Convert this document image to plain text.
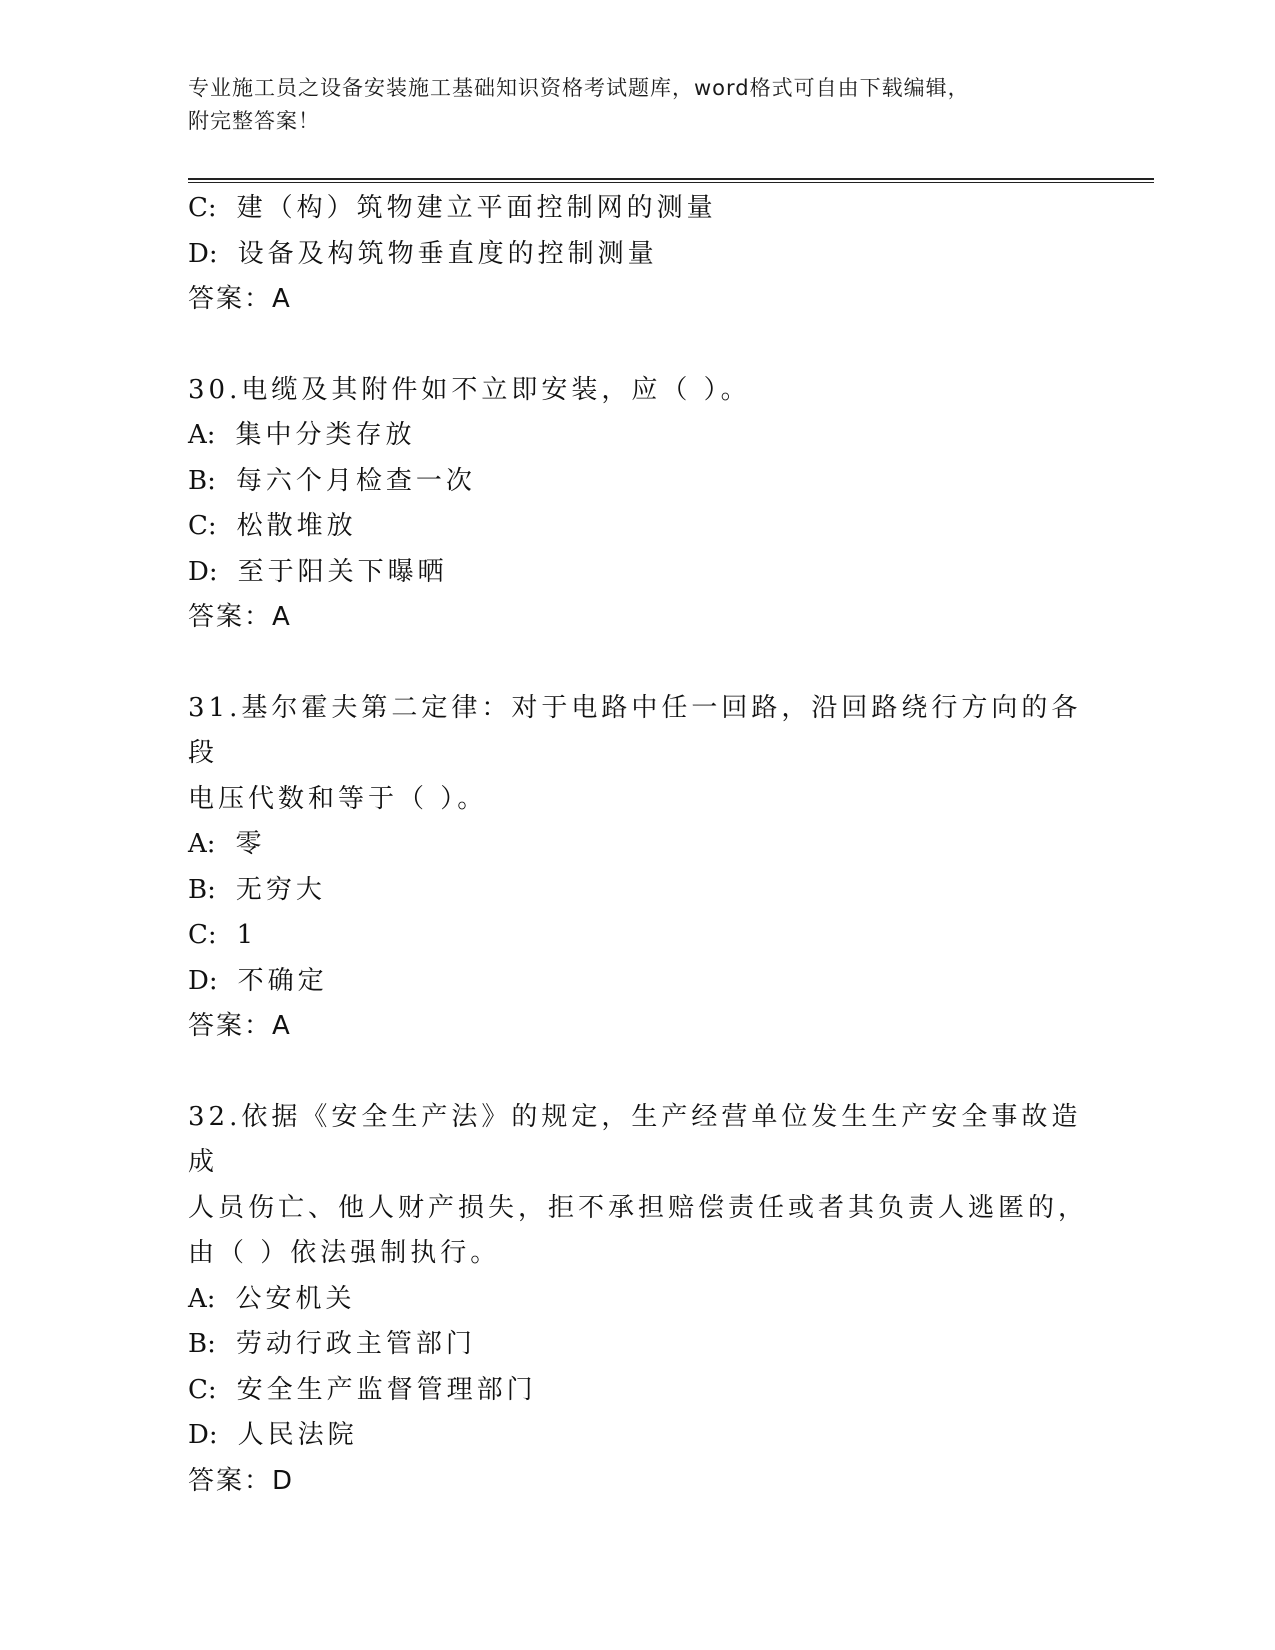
专业施工员之设备安装施工基础知识资格考试题库，word格式可自由下载编辑，
附完整答案！
C: 建（构）筑物建立平面控制网的测量
D: 设备及构筑物垂直度的控制测量
答案：A
30.电缆及其附件如不立即安装，应（ ）。
A: 集中分类存放
B: 每六个月检查一次
C: 松散堆放
D: 至于阳关下曝晒
答案：A
31.基尔霍夫第二定律：对于电路中任一回路，沿回路绕行方向的各段
电压代数和等于（ ）。
A: 零
B: 无穷大
C: 1
D: 不确定
答案：A
32.依据《安全生产法》的规定，生产经营单位发生生产安全事故造成
人员伤亡、他人财产损失，拒不承担赔偿责任或者其负责人逃匿的，
由（ ）依法强制执行。
A: 公安机关
B: 劳动行政主管部门
C: 安全生产监督管理部门
D: 人民法院
答案：D
